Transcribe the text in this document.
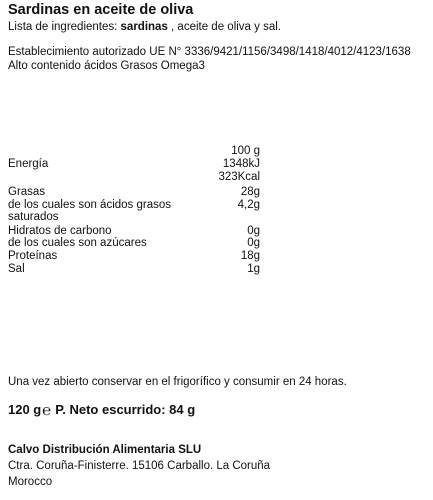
Sardinas en aceite de oliva
Lista de ingredientes: sardinas , aceite de oliva y sal.
Establecimiento autorizado UE N° 3336/9421/1156/3498/1418/4012/4123/1638
Alto contenido ácidos Grasos Omega3
100 g
Energía	1348kJ
323Kcal
Grasas	28g
de los cuales son ácidos grasos	4,2g
saturados
Hidratos de carbono	0g
de los cuales son azúcares	0g
Proteínas	18g
Sal	1g
Una vez abierto conservar en el frigorífico y consumir en 24 horas.
120 g℮ P. Neto escurrido: 84 g
Calvo Distribución Alimentaria SLU
Ctra. Coruña-Finisterre. 15106 Carballo. La Coruña
Morocco
